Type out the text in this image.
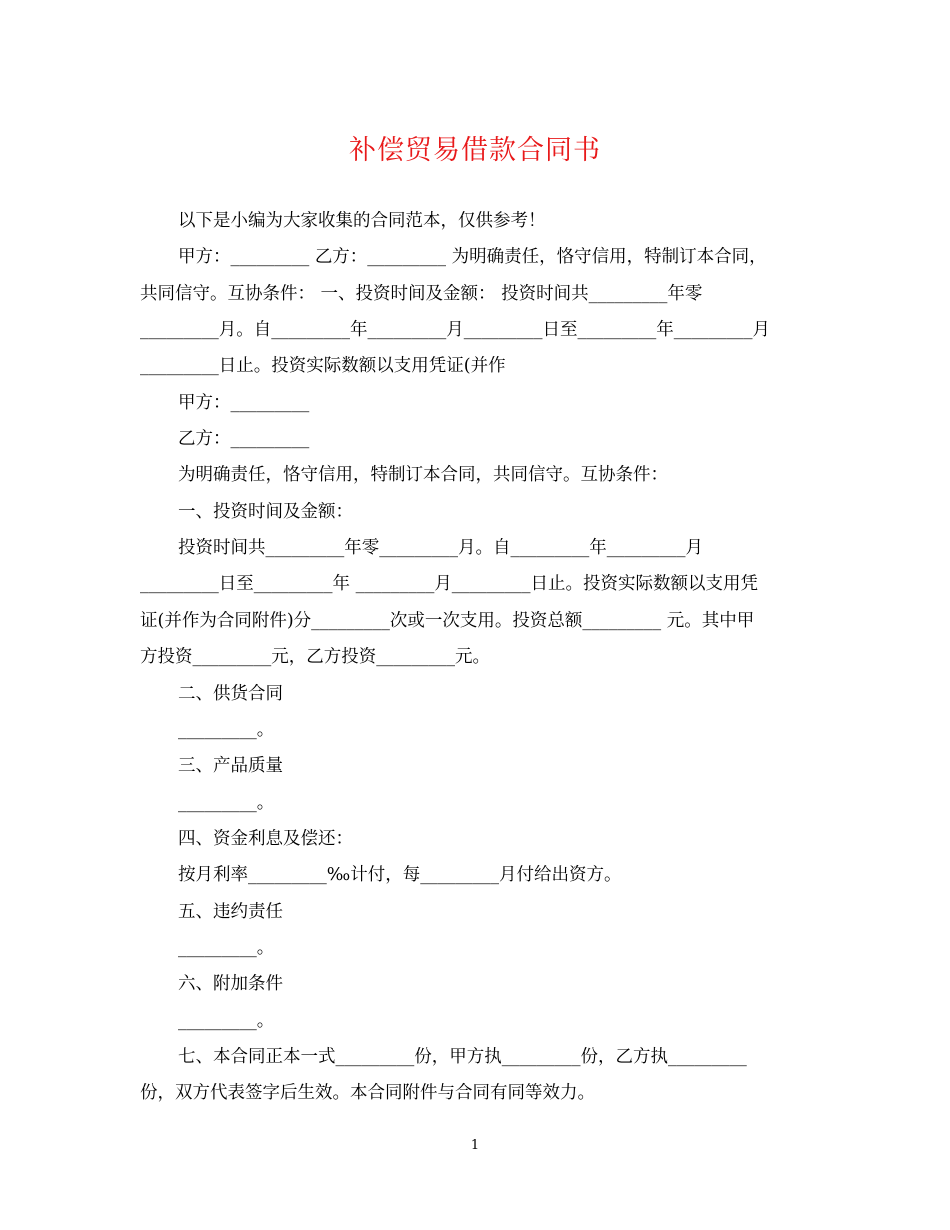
补偿贸易借款合同书
以下是小编为大家收集的合同范本，仅供参考！
甲方：_________ 乙方：_________ 为明确责任，恪守信用，特制订本合同，
共同信守。互协条件： 一、投资时间及金额： 投资时间共_________年零
_________月。自_________年_________月_________日至_________年_________月
_________日止。投资实际数额以支用凭证(并作
甲方：_________
乙方：_________
为明确责任，恪守信用，特制订本合同，共同信守。互协条件：
一、投资时间及金额：
投资时间共_________年零_________月。自_________年_________月
_________日至_________年 _________月_________日止。投资实际数额以支用凭
证(并作为合同附件)分_________次或一次支用。投资总额_________ 元。其中甲
方投资_________元，乙方投资_________元。
二、供货合同
_________。
三、产品质量
_________。
四、资金利息及偿还：
按月利率_________‰计付，每_________月付给出资方。
五、违约责任
_________。
六、附加条件
_________。
七、本合同正本一式_________份，甲方执_________份，乙方执_________
份，双方代表签字后生效。本合同附件与合同有同等效力。
1
